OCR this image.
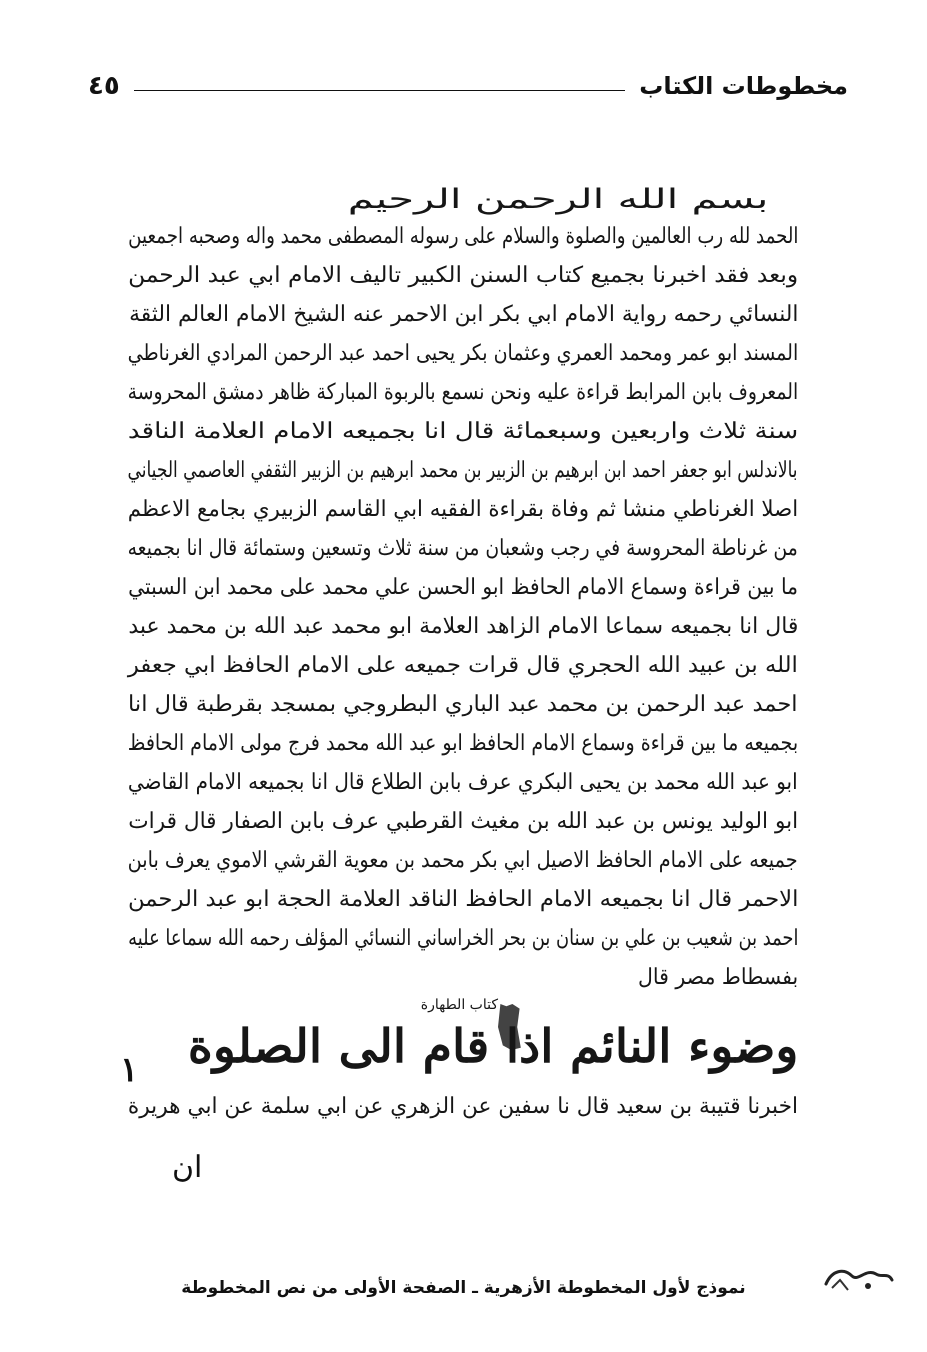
مخطوطات الكتاب
٤٥
بسم الله الرحمن الرحيم
الحمد لله رب العالمين والصلوة والسلام على رسوله المصطفى محمد واله وصحبه اجمعين
وبعد فقد اخبرنا بجميع كتاب السنن الكبير تاليف الامام ابي عبد الرحمن
النسائي رحمه رواية الامام ابي بكر ابن الاحمر عنه الشيخ الامام العالم الثقة
المسند ابو عمر ومحمد العمري وعثمان بكر يحيى احمد عبد الرحمن المرادي الغرناطي
المعروف بابن المرابط قراءة عليه ونحن نسمع بالربوة المباركة ظاهر دمشق المحروسة
سنة ثلاث واربعين وسبعمائة قال انا بجميعه الامام العلامة الناقد
بالاندلس ابو جعفر احمد ابن ابرهيم بن الزبير بن محمد ابرهيم بن الزبير الثقفي العاصمي الجياني
اصلا الغرناطي منشا ثم وفاة بقراءة الفقيه ابي القاسم الزبيري بجامع الاعظم
من غرناطة المحروسة في رجب وشعبان من سنة ثلاث وتسعين وستمائة قال انا بجميعه
ما بين قراءة وسماع الامام الحافظ ابو الحسن علي محمد على محمد ابن السبتي
قال انا بجميعه سماعا الامام الزاهد العلامة ابو محمد عبد الله بن محمد عبد
الله بن عبيد الله الحجري قال قرات جميعه على الامام الحافظ ابي جعفر
احمد عبد الرحمن بن محمد عبد الباري البطروجي بمسجد بقرطبة قال انا
بجميعه ما بين قراءة وسماع الامام الحافظ ابو عبد الله محمد فرج مولى الامام الحافظ
ابو عبد الله محمد بن يحيى البكري عرف بابن الطلاع قال انا بجميعه الامام القاضي
ابو الوليد يونس بن عبد الله بن مغيث القرطبي عرف بابن الصفار قال قرات
جميعه على الامام الحافظ الاصيل ابي بكر محمد بن معوية القرشي الاموي يعرف بابن
الاحمر قال انا بجميعه الامام الحافظ الناقد العلامة الحجة ابو عبد الرحمن
احمد بن شعيب بن علي بن سنان بن بحر الخراساني النسائي المؤلف رحمه الله سماعا عليه
بفسطاط مصر قال
كتاب الطهارة
وضوء النائم اذا قام الى الصلوة
١
اخبرنا قتيبة بن سعيد قال نا سفين عن الزهري عن ابي سلمة عن ابي هريرة
ان
نموذج لأول المخطوطة الأزهرية ـ الصفحة الأولى من نص المخطوطة
